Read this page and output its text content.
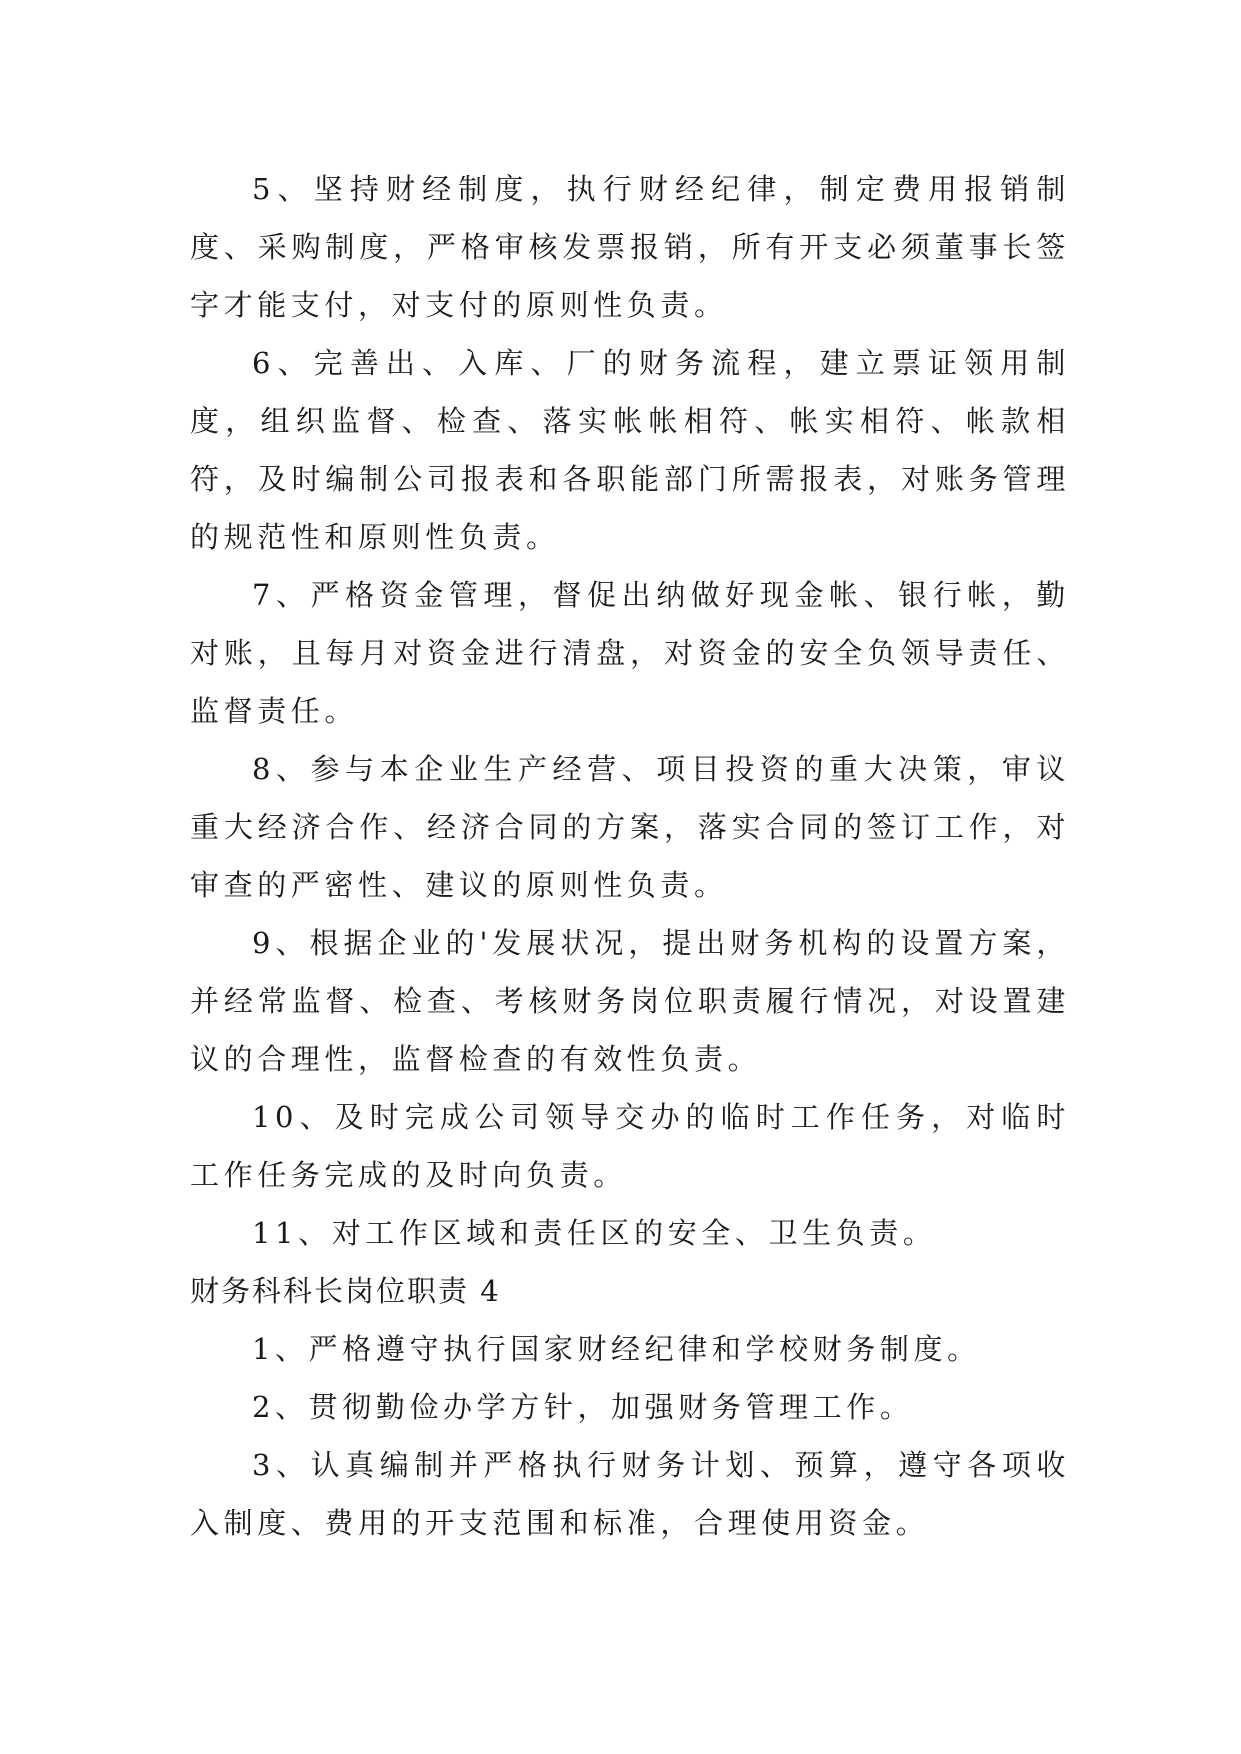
5、坚持财经制度，执行财经纪律，制定费用报销制度、采购制度，严格审核发票报销，所有开支必须董事长签字才能支付，对支付的原则性负责。

6、完善出、入库、厂的财务流程，建立票证领用制度，组织监督、检查、落实帐帐相符、帐实相符、帐款相符，及时编制公司报表和各职能部门所需报表，对账务管理的规范性和原则性负责。

7、严格资金管理，督促出纳做好现金帐、银行帐，勤对账，且每月对资金进行清盘，对资金的安全负领导责任、监督责任。

8、参与本企业生产经营、项目投资的重大决策，审议重大经济合作、经济合同的方案，落实合同的签订工作，对审查的严密性、建议的原则性负责。

9、根据企业的'发展状况，提出财务机构的设置方案，并经常监督、检查、考核财务岗位职责履行情况，对设置建议的合理性，监督检查的有效性负责。

10、及时完成公司领导交办的临时工作任务，对临时工作任务完成的及时向负责。

11、对工作区域和责任区的安全、卫生负责。

财务科科长岗位职责 4

1、严格遵守执行国家财经纪律和学校财务制度。

2、贯彻勤俭办学方针，加强财务管理工作。

3、认真编制并严格执行财务计划、预算，遵守各项收入制度、费用的开支范围和标准，合理使用资金。
